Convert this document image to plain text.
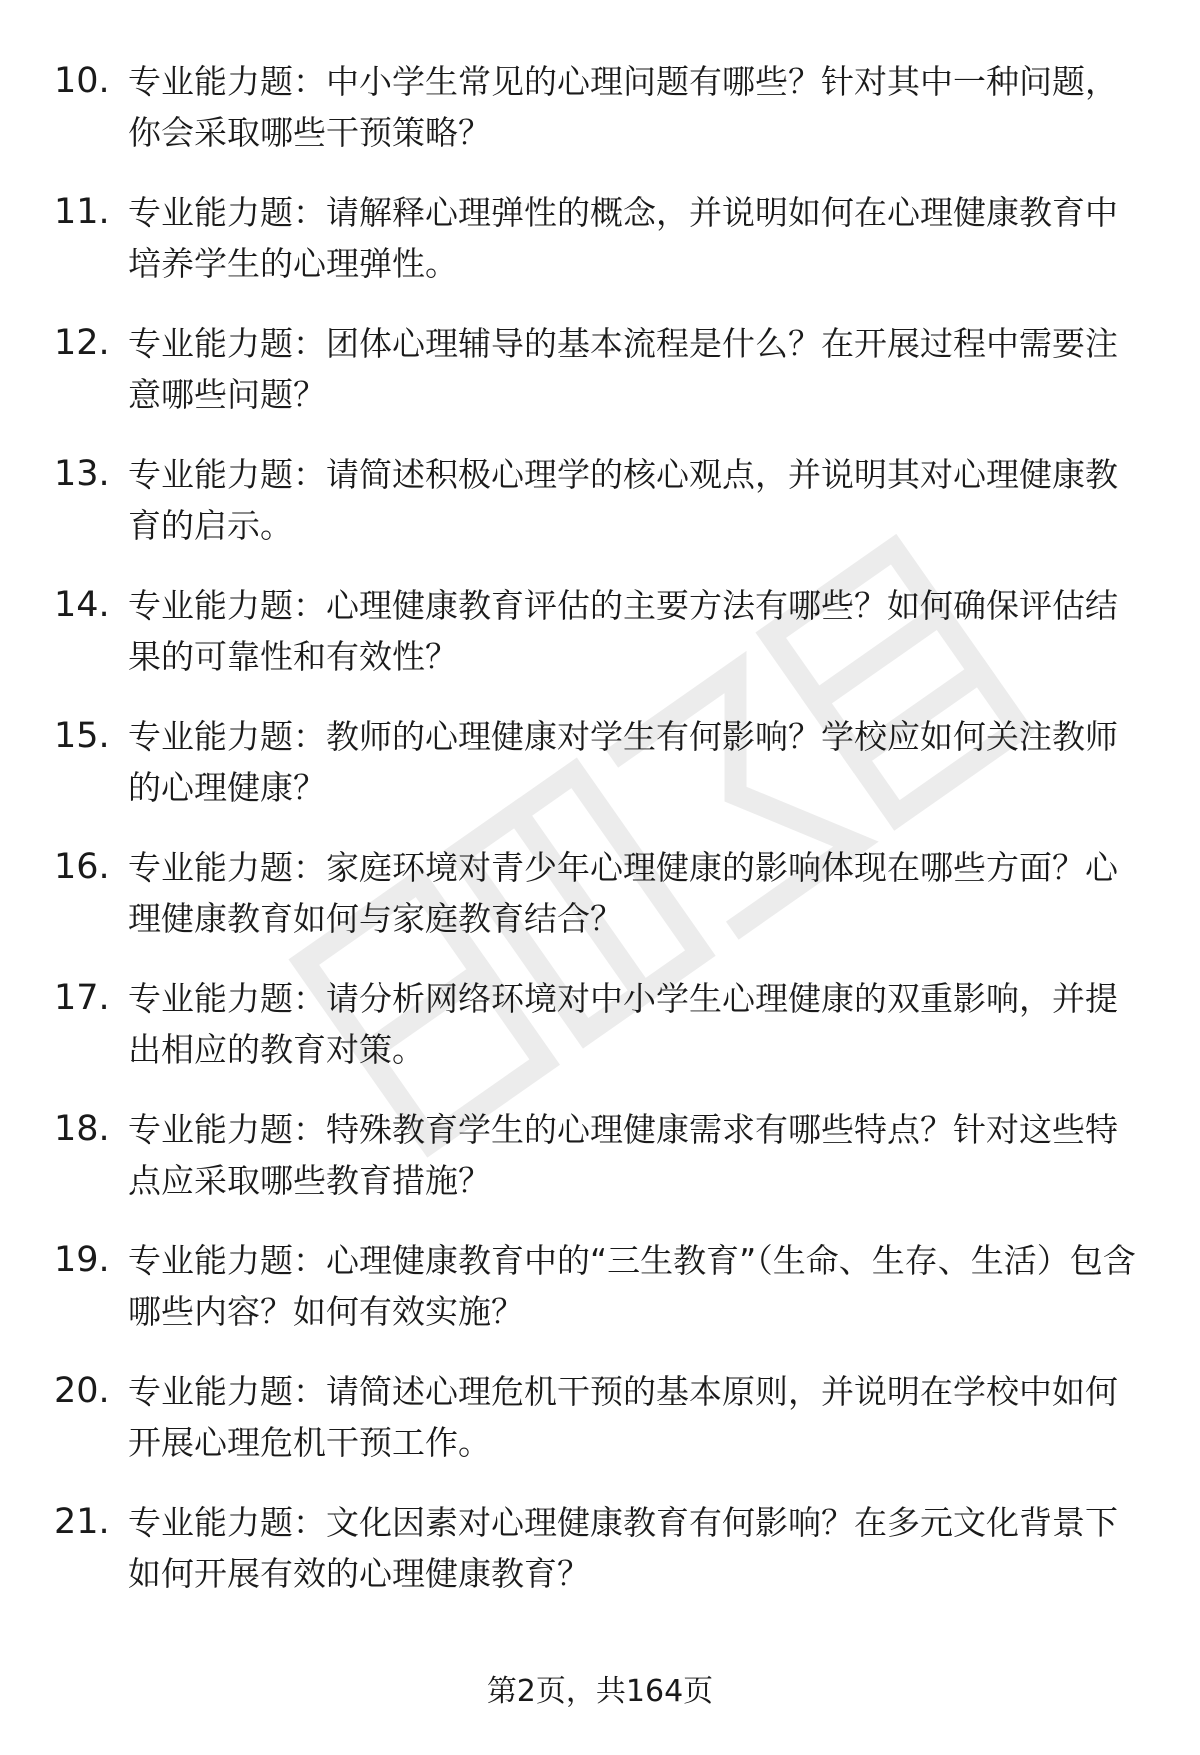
10. 专业能力题：中小学生常见的心理问题有哪些？针对其中一种问题，你会采取哪些干预策略？
11. 专业能力题：请解释心理弹性的概念，并说明如何在心理健康教育中培养学生的心理弹性。
12. 专业能力题：团体心理辅导的基本流程是什么？在开展过程中需要注意哪些问题？
13. 专业能力题：请简述积极心理学的核心观点，并说明其对心理健康教育的启示。
14. 专业能力题：心理健康教育评估的主要方法有哪些？如何确保评估结果的可靠性和有效性？
15. 专业能力题：教师的心理健康对学生有何影响？学校应如何关注教师的心理健康？
16. 专业能力题：家庭环境对青少年心理健康的影响体现在哪些方面？心理健康教育如何与家庭教育结合？
17. 专业能力题：请分析网络环境对中小学生心理健康的双重影响，并提出相应的教育对策。
18. 专业能力题：特殊教育学生的心理健康需求有哪些特点？针对这些特点应采取哪些教育措施？
19. 专业能力题：心理健康教育中的“三生教育”（生命、生存、生活）包含哪些内容？如何有效实施？
20. 专业能力题：请简述心理危机干预的基本原则，并说明在学校中如何开展心理危机干预工作。
21. 专业能力题：文化因素对心理健康教育有何影响？在多元文化背景下如何开展有效的心理健康教育？
第2页，共164页
